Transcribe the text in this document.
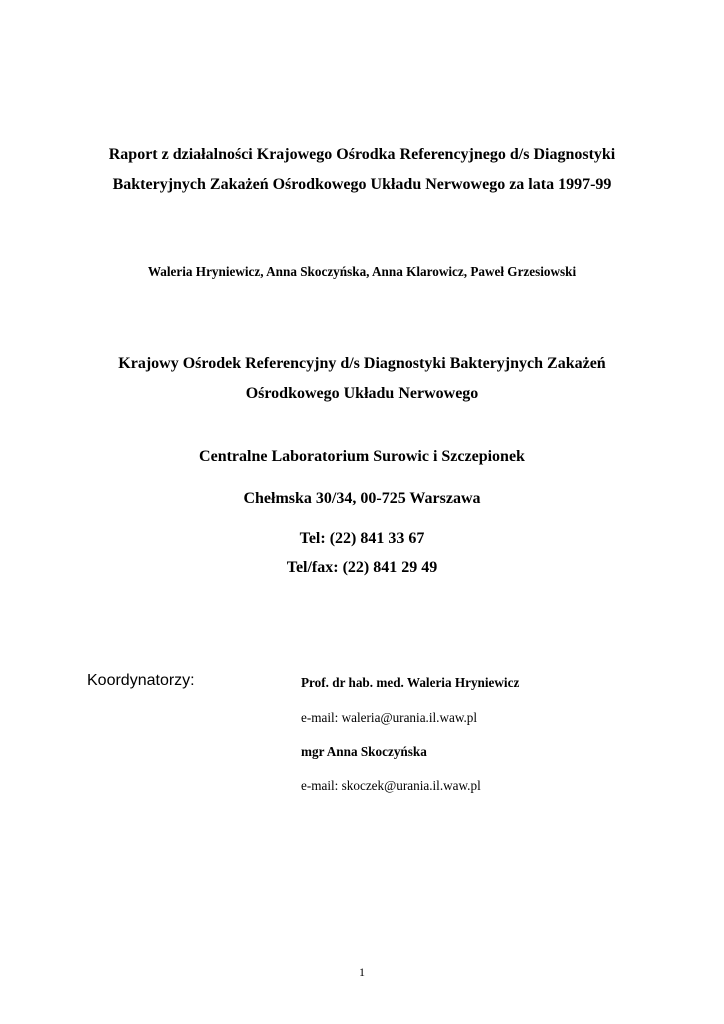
Raport z działalności Krajowego Ośrodka Referencyjnego d/s Diagnostyki
Bakteryjnych Zakażeń Ośrodkowego Układu Nerwowego za lata 1997-99
Waleria Hryniewicz, Anna Skoczyńska, Anna Klarowicz, Paweł Grzesiowski
Krajowy Ośrodek Referencyjny d/s Diagnostyki Bakteryjnych Zakażeń
Ośrodkowego Układu Nerwowego
Centralne Laboratorium Surowic i Szczepionek
Chełmska 30/34, 00-725 Warszawa
Tel: (22) 841 33 67
Tel/fax: (22) 841 29 49
Koordynatorzy:	Prof. dr hab. med. Waleria Hryniewicz
e-mail: waleria@urania.il.waw.pl
mgr Anna Skoczyńska
e-mail: skoczek@urania.il.waw.pl
1
